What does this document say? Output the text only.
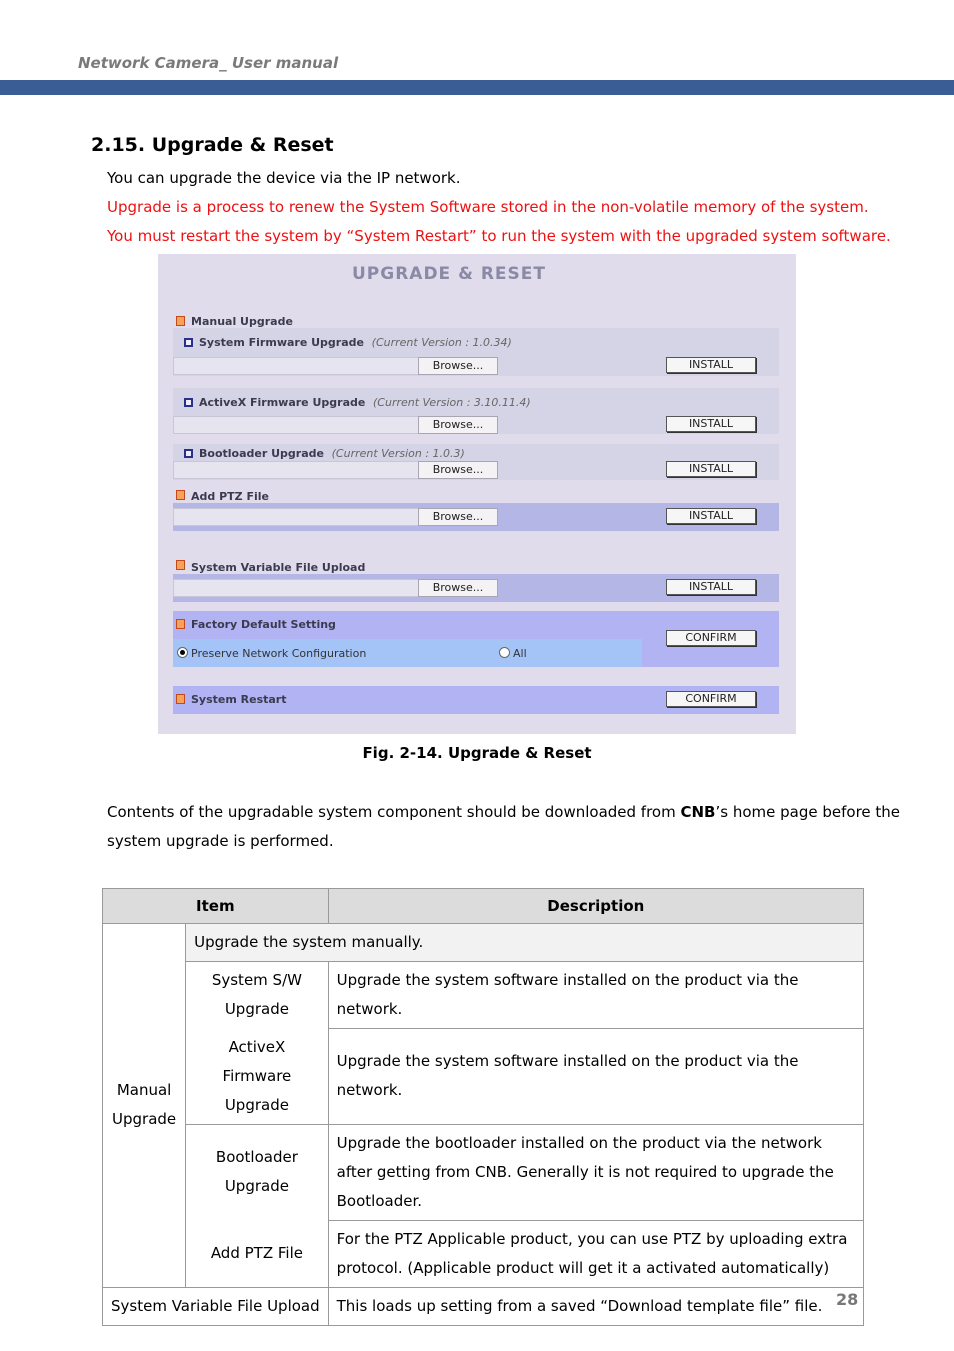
Network Camera_ User manual
2.15. Upgrade & Reset
You can upgrade the device via the IP network.
Upgrade is a process to renew the System Software stored in the non-volatile memory of the system.
You must restart the system by “System Restart” to run the system with the upgraded system software.
UPGRADE & RESET
Manual Upgrade
System Firmware Upgrade (Current Version : 1.0.34)
Browse...	INSTALL
ActiveX Firmware Upgrade (Current Version : 3.10.11.4)
Browse...	INSTALL
Bootloader Upgrade (Current Version : 1.0.3)
Browse...	INSTALL
Add PTZ File
Browse...	INSTALL
System Variable File Upload
Browse...	INSTALL
Factory Default Setting
Preserve Network Configuration	All
CONFIRM
System Restart	CONFIRM
Fig. 2-14. Upgrade & Reset
Contents of the upgradable system component should be downloaded from CNB’s home page before the
system upgrade is performed.
Item		Description
Manual Upgrade	Upgrade the system manually.	
	System S/W Upgrade	Upgrade the system software installed on the product via the network.
	ActiveX Firmware Upgrade	Upgrade the system software installed on the product via the network.
	Bootloader Upgrade	Upgrade the bootloader installed on the product via the network after getting from CNB. Generally it is not required to upgrade the Bootloader.
	Add PTZ File	For the PTZ Applicable product, you can use PTZ by uploading extra protocol. (Applicable product will get it a activated automatically)
System Variable File Upload		This loads up setting from a saved “Download template file” file. 28
